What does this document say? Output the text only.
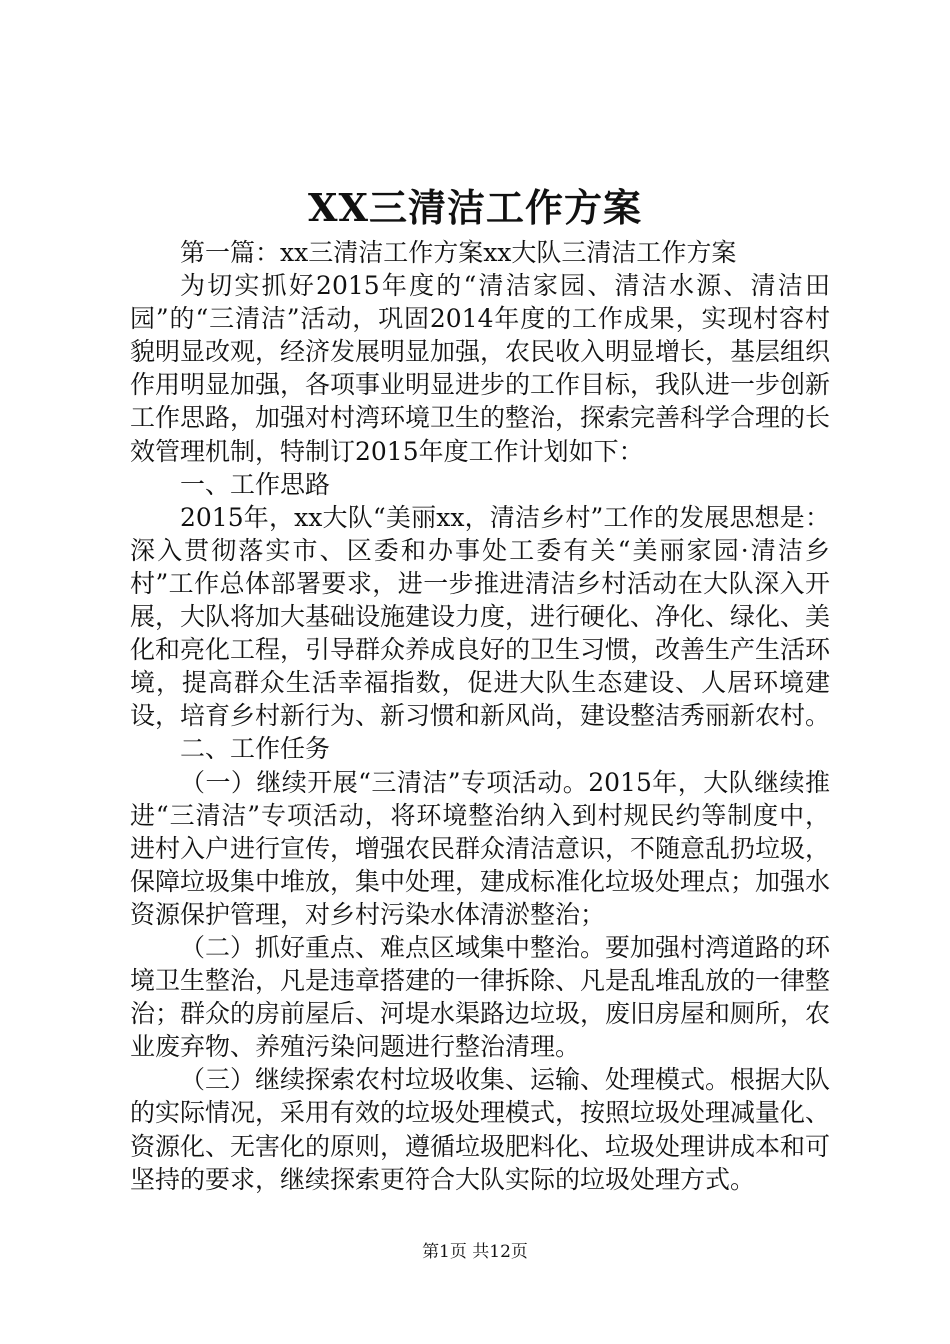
XX三清洁工作方案

第一篇：xx三清洁工作方案xx大队三清洁工作方案

为切实抓好2015年度的“清洁家园、清洁水源、清洁田园”的“三清洁”活动，巩固2014年度的工作成果，实现村容村貌明显改观，经济发展明显加强，农民收入明显增长，基层组织作用明显加强，各项事业明显进步的工作目标，我队进一步创新工作思路，加强对村湾环境卫生的整治，探索完善科学合理的长效管理机制，特制订2015年度工作计划如下：

一、工作思路

2015年，xx大队“美丽xx，清洁乡村”工作的发展思想是：深入贯彻落实市、区委和办事处工委有关“美丽家园·清洁乡村”工作总体部署要求，进一步推进清洁乡村活动在大队深入开展，大队将加大基础设施建设力度，进行硬化、净化、绿化、美化和亮化工程，引导群众养成良好的卫生习惯，改善生产生活环境，提高群众生活幸福指数，促进大队生态建设、人居环境建设，培育乡村新行为、新习惯和新风尚，建设整洁秀丽新农村。

二、工作任务

（一）继续开展“三清洁”专项活动。2015年，大队继续推进“三清洁”专项活动，将环境整治纳入到村规民约等制度中，进村入户进行宣传，增强农民群众清洁意识，不随意乱扔垃圾，保障垃圾集中堆放，集中处理，建成标准化垃圾处理点；加强水资源保护管理，对乡村污染水体清淤整治；

（二）抓好重点、难点区域集中整治。要加强村湾道路的环境卫生整治，凡是违章搭建的一律拆除、凡是乱堆乱放的一律整治；群众的房前屋后、河堤水渠路边垃圾，废旧房屋和厕所，农业废弃物、养殖污染问题进行整治清理。

（三）继续探索农村垃圾收集、运输、处理模式。根据大队的实际情况，采用有效的垃圾处理模式，按照垃圾处理减量化、资源化、无害化的原则，遵循垃圾肥料化、垃圾处理讲成本和可坚持的要求，继续探索更符合大队实际的垃圾处理方式。

第1页 共12页
